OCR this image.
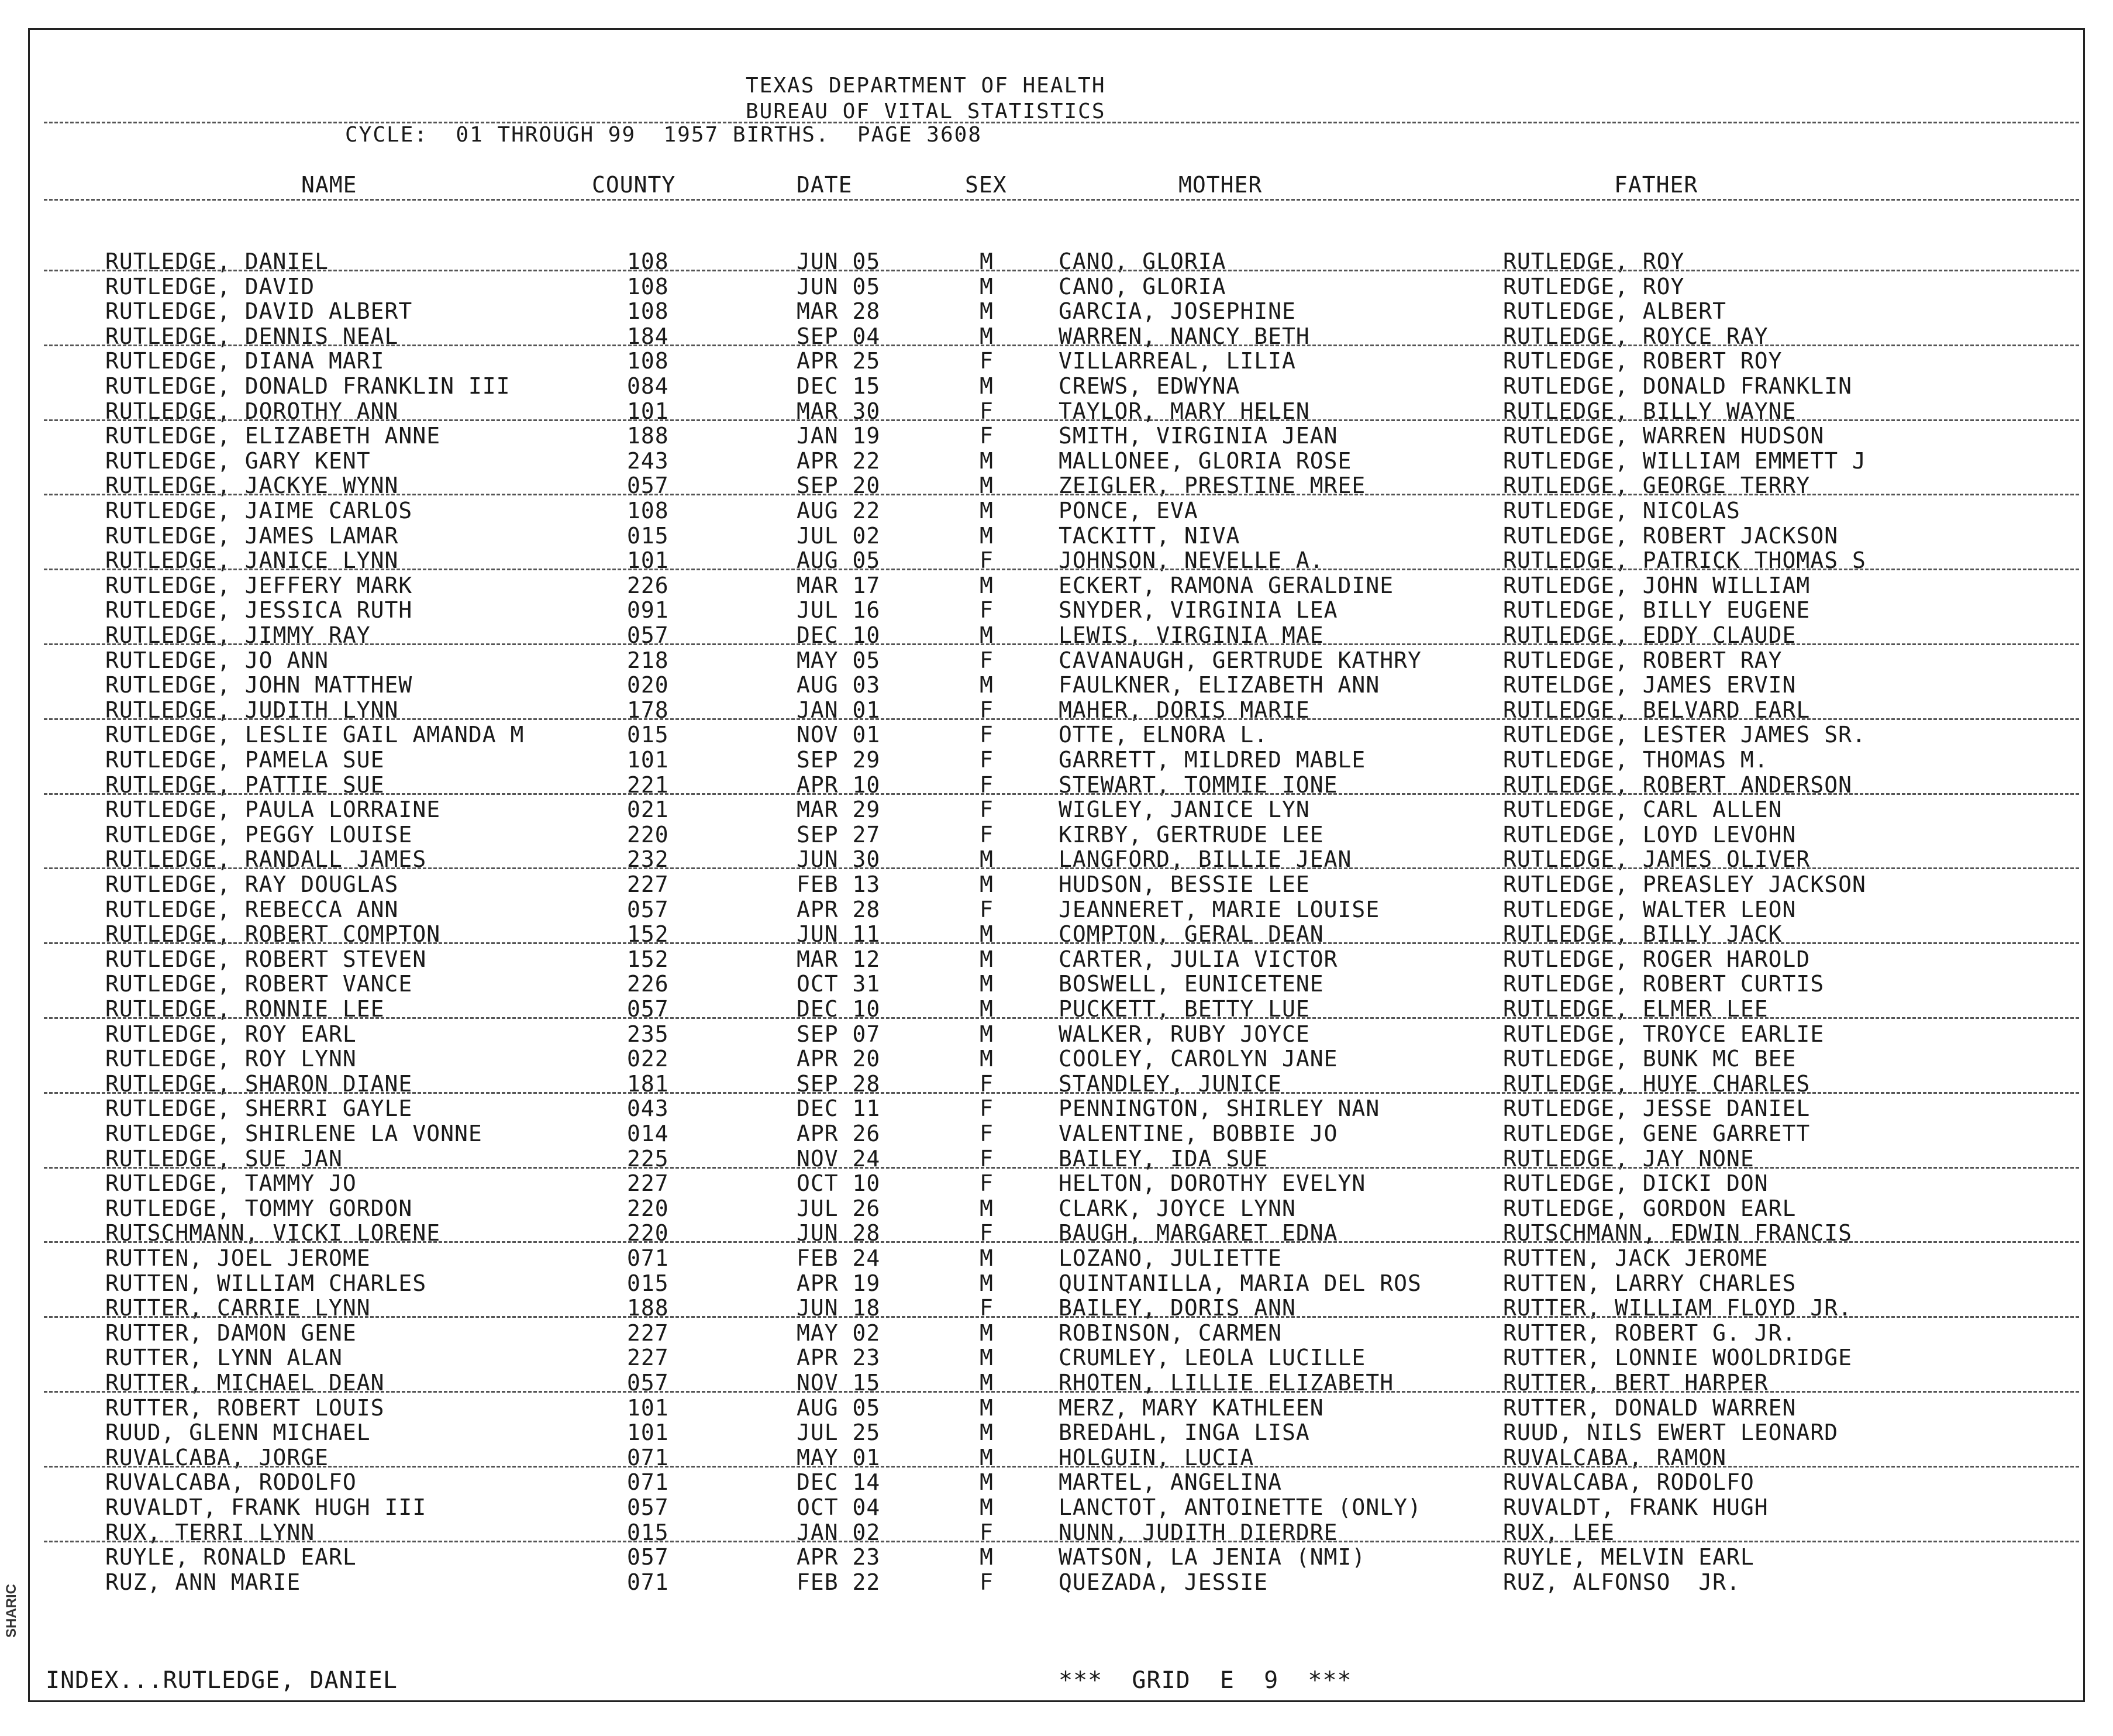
SHARIC
TEXAS DEPARTMENT OF HEALTH
BUREAU OF VITAL STATISTICS
CYCLE:  01 THROUGH 99  1957 BIRTHS.  PAGE 3608
NAME	COUNTY	DATE	SEX	MOTHER	FATHER
RUTLEDGE, DANIEL	108	JUN 05	M	CANO, GLORIA	RUTLEDGE, ROY
RUTLEDGE, DAVID	108	JUN 05	M	CANO, GLORIA	RUTLEDGE, ROY
RUTLEDGE, DAVID ALBERT	108	MAR 28	M	GARCIA, JOSEPHINE	RUTLEDGE, ALBERT
RUTLEDGE, DENNIS NEAL	184	SEP 04	M	WARREN, NANCY BETH	RUTLEDGE, ROYCE RAY
RUTLEDGE, DIANA MARI	108	APR 25	F	VILLARREAL, LILIA	RUTLEDGE, ROBERT ROY
RUTLEDGE, DONALD FRANKLIN III	084	DEC 15	M	CREWS, EDWYNA	RUTLEDGE, DONALD FRANKLIN
RUTLEDGE, DOROTHY ANN	101	MAR 30	F	TAYLOR, MARY HELEN	RUTLEDGE, BILLY WAYNE
RUTLEDGE, ELIZABETH ANNE	188	JAN 19	F	SMITH, VIRGINIA JEAN	RUTLEDGE, WARREN HUDSON
RUTLEDGE, GARY KENT	243	APR 22	M	MALLONEE, GLORIA ROSE	RUTLEDGE, WILLIAM EMMETT J
RUTLEDGE, JACKYE WYNN	057	SEP 20	M	ZEIGLER, PRESTINE MREE	RUTLEDGE, GEORGE TERRY
RUTLEDGE, JAIME CARLOS	108	AUG 22	M	PONCE, EVA	RUTLEDGE, NICOLAS
RUTLEDGE, JAMES LAMAR	015	JUL 02	M	TACKITT, NIVA	RUTLEDGE, ROBERT JACKSON
RUTLEDGE, JANICE LYNN	101	AUG 05	F	JOHNSON, NEVELLE A.	RUTLEDGE, PATRICK THOMAS S
RUTLEDGE, JEFFERY MARK	226	MAR 17	M	ECKERT, RAMONA GERALDINE	RUTLEDGE, JOHN WILLIAM
RUTLEDGE, JESSICA RUTH	091	JUL 16	F	SNYDER, VIRGINIA LEA	RUTLEDGE, BILLY EUGENE
RUTLEDGE, JIMMY RAY	057	DEC 10	M	LEWIS, VIRGINIA MAE	RUTLEDGE, EDDY CLAUDE
RUTLEDGE, JO ANN	218	MAY 05	F	CAVANAUGH, GERTRUDE KATHRY	RUTLEDGE, ROBERT RAY
RUTLEDGE, JOHN MATTHEW	020	AUG 03	M	FAULKNER, ELIZABETH ANN	RUTELDGE, JAMES ERVIN
RUTLEDGE, JUDITH LYNN	178	JAN 01	F	MAHER, DORIS MARIE	RUTLEDGE, BELVARD EARL
RUTLEDGE, LESLIE GAIL AMANDA M	015	NOV 01	F	OTTE, ELNORA L.	RUTLEDGE, LESTER JAMES SR.
RUTLEDGE, PAMELA SUE	101	SEP 29	F	GARRETT, MILDRED MABLE	RUTLEDGE, THOMAS M.
RUTLEDGE, PATTIE SUE	221	APR 10	F	STEWART, TOMMIE IONE	RUTLEDGE, ROBERT ANDERSON
RUTLEDGE, PAULA LORRAINE	021	MAR 29	F	WIGLEY, JANICE LYN	RUTLEDGE, CARL ALLEN
RUTLEDGE, PEGGY LOUISE	220	SEP 27	F	KIRBY, GERTRUDE LEE	RUTLEDGE, LOYD LEVOHN
RUTLEDGE, RANDALL JAMES	232	JUN 30	M	LANGFORD, BILLIE JEAN	RUTLEDGE, JAMES OLIVER
RUTLEDGE, RAY DOUGLAS	227	FEB 13	M	HUDSON, BESSIE LEE	RUTLEDGE, PREASLEY JACKSON
RUTLEDGE, REBECCA ANN	057	APR 28	F	JEANNERET, MARIE LOUISE	RUTLEDGE, WALTER LEON
RUTLEDGE, ROBERT COMPTON	152	JUN 11	M	COMPTON, GERAL DEAN	RUTLEDGE, BILLY JACK
RUTLEDGE, ROBERT STEVEN	152	MAR 12	M	CARTER, JULIA VICTOR	RUTLEDGE, ROGER HAROLD
RUTLEDGE, ROBERT VANCE	226	OCT 31	M	BOSWELL, EUNICETENE	RUTLEDGE, ROBERT CURTIS
RUTLEDGE, RONNIE LEE	057	DEC 10	M	PUCKETT, BETTY LUE	RUTLEDGE, ELMER LEE
RUTLEDGE, ROY EARL	235	SEP 07	M	WALKER, RUBY JOYCE	RUTLEDGE, TROYCE EARLIE
RUTLEDGE, ROY LYNN	022	APR 20	M	COOLEY, CAROLYN JANE	RUTLEDGE, BUNK MC BEE
RUTLEDGE, SHARON DIANE	181	SEP 28	F	STANDLEY, JUNICE	RUTLEDGE, HUYE CHARLES
RUTLEDGE, SHERRI GAYLE	043	DEC 11	F	PENNINGTON, SHIRLEY NAN	RUTLEDGE, JESSE DANIEL
RUTLEDGE, SHIRLENE LA VONNE	014	APR 26	F	VALENTINE, BOBBIE JO	RUTLEDGE, GENE GARRETT
RUTLEDGE, SUE JAN	225	NOV 24	F	BAILEY, IDA SUE	RUTLEDGE, JAY NONE
RUTLEDGE, TAMMY JO	227	OCT 10	F	HELTON, DOROTHY EVELYN	RUTLEDGE, DICKI DON
RUTLEDGE, TOMMY GORDON	220	JUL 26	M	CLARK, JOYCE LYNN	RUTLEDGE, GORDON EARL
RUTSCHMANN, VICKI LORENE	220	JUN 28	F	BAUGH, MARGARET EDNA	RUTSCHMANN, EDWIN FRANCIS
RUTTEN, JOEL JEROME	071	FEB 24	M	LOZANO, JULIETTE	RUTTEN, JACK JEROME
RUTTEN, WILLIAM CHARLES	015	APR 19	M	QUINTANILLA, MARIA DEL ROS	RUTTEN, LARRY CHARLES
RUTTER, CARRIE LYNN	188	JUN 18	F	BAILEY, DORIS ANN	RUTTER, WILLIAM FLOYD JR.
RUTTER, DAMON GENE	227	MAY 02	M	ROBINSON, CARMEN	RUTTER, ROBERT G. JR.
RUTTER, LYNN ALAN	227	APR 23	M	CRUMLEY, LEOLA LUCILLE	RUTTER, LONNIE WOOLDRIDGE
RUTTER, MICHAEL DEAN	057	NOV 15	M	RHOTEN, LILLIE ELIZABETH	RUTTER, BERT HARPER
RUTTER, ROBERT LOUIS	101	AUG 05	M	MERZ, MARY KATHLEEN	RUTTER, DONALD WARREN
RUUD, GLENN MICHAEL	101	JUL 25	M	BREDAHL, INGA LISA	RUUD, NILS EWERT LEONARD
RUVALCABA, JORGE	071	MAY 01	M	HOLGUIN, LUCIA	RUVALCABA, RAMON
RUVALCABA, RODOLFO	071	DEC 14	M	MARTEL, ANGELINA	RUVALCABA, RODOLFO
RUVALDT, FRANK HUGH III	057	OCT 04	M	LANCTOT, ANTOINETTE (ONLY)	RUVALDT, FRANK HUGH
RUX, TERRI LYNN	015	JAN 02	F	NUNN, JUDITH DIERDRE	RUX, LEE
RUYLE, RONALD EARL	057	APR 23	M	WATSON, LA JENIA (NMI)	RUYLE, MELVIN EARL
RUZ, ANN MARIE	071	FEB 22	F	QUEZADA, JESSIE	RUZ, ALFONSO  JR.
INDEX...RUTLEDGE, DANIEL	***  GRID  E  9  ***
